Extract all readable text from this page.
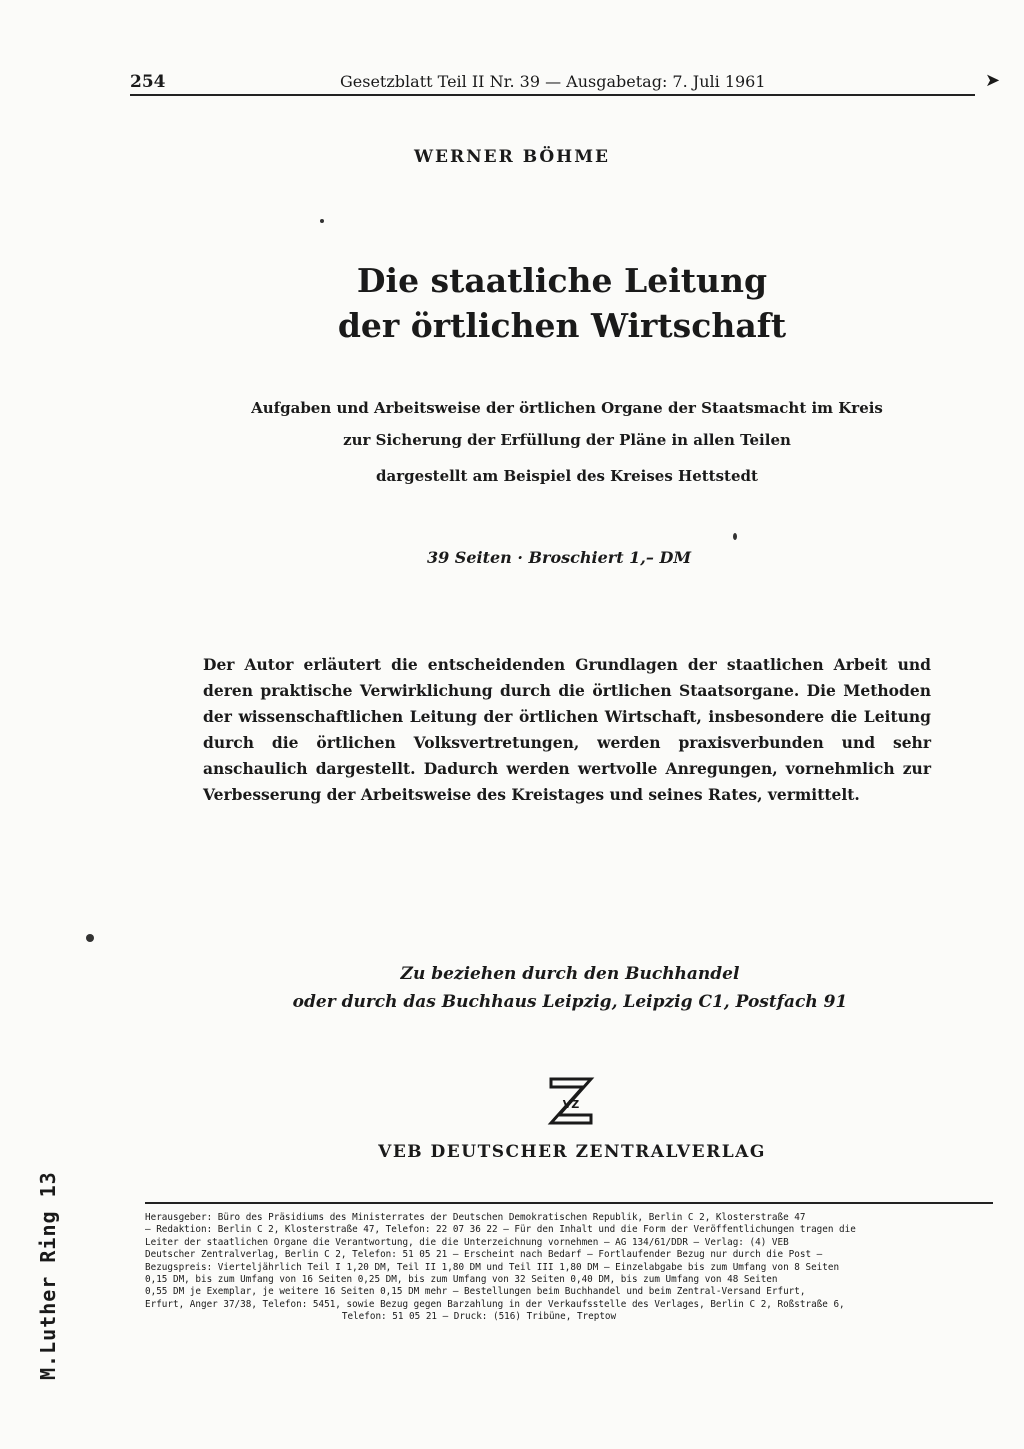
254	Gesetzblatt Teil II Nr. 39 — Ausgabetag: 7. Juli 1961	➤
WERNER BÖHME
Die staatliche Leitung
der örtlichen Wirtschaft
Aufgaben und Arbeitsweise der örtlichen Organe der Staatsmacht im Kreis
zur Sicherung der Erfüllung der Pläne in allen Teilen
dargestellt am Beispiel des Kreises Hettstedt
39 Seiten · Broschiert 1,– DM
Der Autor erläutert die entscheidenden Grundlagen der staatlichen Arbeit und deren praktische Verwirklichung durch die örtlichen Staatsorgane. Die Methoden der wissenschaftlichen Leitung der örtlichen Wirtschaft, insbesondere die Leitung durch die örtlichen Volksvertretungen, werden praxisverbunden und sehr anschaulich dargestellt. Dadurch werden wertvolle Anregungen, vornehmlich zur Verbesserung der Arbeitsweise des Kreistages und seines Rates, vermittelt.
Zu beziehen durch den Buchhandel
oder durch das Buchhaus Leipzig, Leipzig C1, Postfach 91
VZ
VEB DEUTSCHER ZENTRALVERLAG
Herausgeber: Büro des Präsidiums des Ministerrates der Deutschen Demokratischen Republik, Berlin C 2, Klosterstraße 47
— Redaktion: Berlin C 2, Klosterstraße 47, Telefon: 22 07 36 22 — Für den Inhalt und die Form der Veröffentlichungen tragen die
Leiter der staatlichen Organe die Verantwortung, die die Unterzeichnung vornehmen — AG 134/61/DDR — Verlag: (4) VEB
Deutscher Zentralverlag, Berlin C 2, Telefon: 51 05 21 — Erscheint nach Bedarf — Fortlaufender Bezug nur durch die Post —
Bezugspreis: Vierteljährlich Teil I 1,20 DM, Teil II 1,80 DM und Teil III 1,80 DM — Einzelabgabe bis zum Umfang von 8 Seiten
0,15 DM, bis zum Umfang von 16 Seiten 0,25 DM, bis zum Umfang von 32 Seiten 0,40 DM, bis zum Umfang von 48 Seiten
0,55 DM je Exemplar, je weitere 16 Seiten 0,15 DM mehr — Bestellungen beim Buchhandel und beim Zentral-Versand Erfurt,
Erfurt, Anger 37/38, Telefon: 5451, sowie Bezug gegen Barzahlung in der Verkaufsstelle des Verlages, Berlin C 2, Roßstraße 6,
Telefon: 51 05 21 — Druck: (516) Tribüne, Treptow
M.Luther Ring 13
